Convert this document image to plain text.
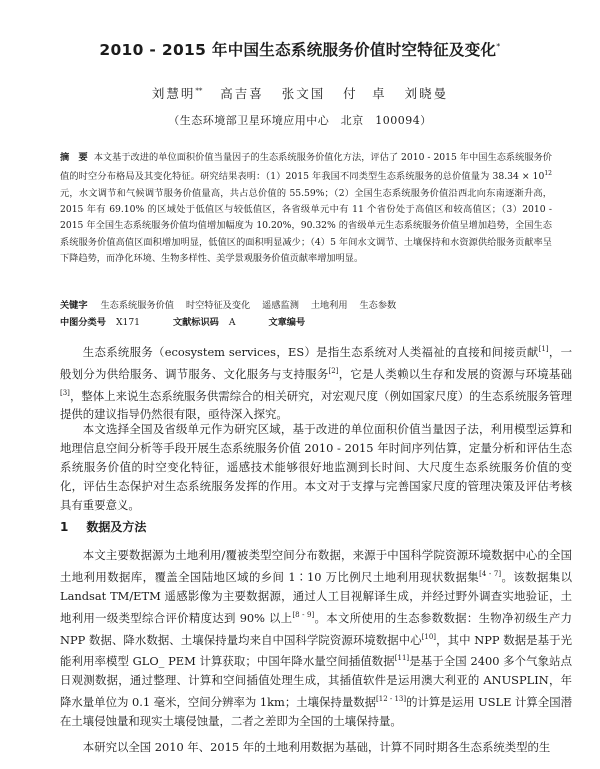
2010 - 2015 年中国生态系统服务价值时空特征及变化*
刘慧明** 高吉喜 张文国 付　卓 刘晓曼
（生态环境部卫星环境应用中心　北京　100094）

摘　要 本文基于改进的单位面积价值当量因子的生态系统服务价值化方法，评估了 2010 - 2015 年中国生态系统服务价值的时空分布格局及其变化特征。研究结果表明：（1）2015 年我国不同类型生态系统服务的总价值量为 $38.34 \times 10^{12}$元，水文调节和气候调节服务价值量高，共占总价值的 55.59%；（2）全国生态系统服务价值沿西北向东南逐渐升高，2015 年有 69.10% 的区域处于低值区与较低值区，各省级单元中有 11 个省份处于高值区和较高值区；（3）2010 - 2015 年全国生态系统服务价值均值增加幅度为 10.20%，90.32% 的省级单元生态系统服务价值呈增加趋势，全国生态系统服务价值高值区面积增加明显，低值区的面积明显减少；（4）5 年间水文调节、土壤保持和水资源供给服务贡献率呈下降趋势，而净化环境、生物多样性、美学景观服务价值贡献率增加明显。

关键字 生态系统服务价值 时空特征及变化 遥感监测 土地利用 生态参数
中图分类号 X171	文献标识码 A	文章编号

生态系统服务（ecosystem services，ES）是指生态系统对人类福祉的直接和间接贡献[1]，一般划分为供给服务、调节服务、文化服务与支持服务[2]，它是人类赖以生存和发展的资源与环境基础[3]，整体上来说生态系统服务供需综合的相关研究，对宏观尺度（例如国家尺度）的生态系统服务管理提供的建议指导仍然很有限，亟待深入探究。

本文选择全国及省级单元作为研究区域，基于改进的单位面积价值当量因子法，利用模型运算和地理信息空间分析等手段开展生态系统服务价值 2010 - 2015 年时间序列估算，定量分析和评估生态系统服务价值的时空变化特征，遥感技术能够很好地监测到长时间、大尺度生态系统服务价值的变化，评估生态保护对生态系统服务发挥的作用。本文对于支撑与完善国家尺度的管理决策及评估考核具有重要意义。

1 数据及方法

本文主要数据源为土地利用/覆被类型空间分布数据，来源于中国科学院资源环境数据中心的全国土地利用数据库，覆盖全国陆地区域的乡间 1∶10 万比例尺土地利用现状数据集[4 - 7]。该数据集以 Landsat TM/ETM 遥感影像为主要数据源，通过人工目视解译生成，并经过野外调查实地验证，土地利用一级类型综合评价精度达到 90% 以上[8 - 9]。本文所使用的生态参数数据：生物净初级生产力 NPP 数据、降水数据、土壤保持量均来自中国科学院资源环境数据中心[10]，其中 NPP 数据是基于光能利用率模型 GLO_ PEM 计算获取；中国年降水量空间插值数据[11]是基于全国 2400 多个气象站点日观测数据，通过整理、计算和空间插值处理生成，其插值软件是运用澳大利亚的 ANUSPLIN，年降水量单位为 0.1 毫米，空间分辨率为 1km；土壤保持量数据[12 - 13]的计算是运用 USLE 计算全国潜在土壤侵蚀量和现实土壤侵蚀量，二者之差即为全国的土壤保持量。

本研究以全国 2010 年、2015 年的土地利用数据为基础，计算不同时期各生态系统类型的生
